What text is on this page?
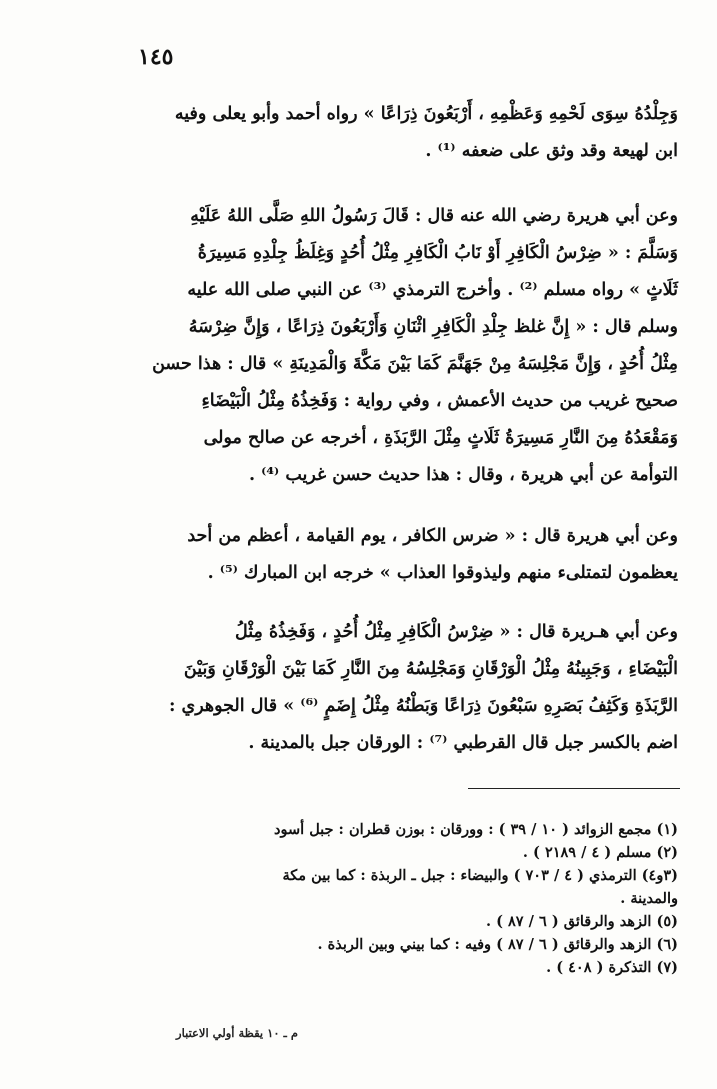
١٤٥
وَجِلْدُهُ سِوَى لَحْمِهِ وَعَظْمِهِ ، أَرْبَعُونَ ذِرَاعًا » رواه أحمد وأبو يعلى وفيه
ابن لهيعة وقد وثق على ضعفه ⁽¹⁾ .
وعن أبي هريرة رضي الله عنه قال : قَالَ رَسُولُ اللهِ صَلَّى اللهُ عَلَيْهِ
وَسَلَّمَ : « ضِرْسُ الْكَافِرِ أَوْ نَابُ الْكَافِرِ مِثْلُ أُحُدٍ وَغِلَظُ جِلْدِهِ مَسِيرَةُ
ثَلَاثٍ » رواه مسلم ⁽²⁾ . وأخرج الترمذي ⁽³⁾ عن النبي صلى الله عليه
وسلم قال : « إِنَّ غلظ جِلْدِ الْكَافِرِ اثْنَانِ وَأَرْبَعُونَ ذِرَاعًا ، وَإِنَّ ضِرْسَهُ
مِثْلُ أُحُدٍ ، وَإِنَّ مَجْلِسَهُ مِنْ جَهَنَّمَ كَمَا بَيْنَ مَكَّةَ وَالْمَدِينَةِ » قال : هذا حسن
صحيح غريب من حديث الأعمش ، وفي رواية : وَفَخِذُهُ مِثْلُ الْبَيْضَاءِ
وَمَقْعَدُهُ مِنَ النَّارِ مَسِيرَةُ ثَلَاثٍ مِثْلَ الرَّبَذَةِ ، أخرجه عن صالح مولى
التوأمة عن أبي هريرة ، وقال : هذا حديث حسن غريب ⁽⁴⁾ .
وعن أبي هريرة قال : « ضرس الكافر ، يوم القيامة ، أعظم من أحد
يعظمون لتمتلىء منهم وليذوقوا العذاب » خرجه ابن المبارك ⁽⁵⁾ .
وعن أبي هـريرة قال : « ضِرْسُ الْكَافِرِ مِثْلُ أُحُدٍ ، وَفَخِذُهُ مِثْلُ
الْبَيْضَاءِ ، وَجَبِينُهُ مِثْلُ الْوَرْقَانِ وَمَجْلِسُهُ مِنَ النَّارِ كَمَا بَيْنَ الْوَرْقَانِ وَبَيْنَ
الرَّبَذَةِ وَكَثِفُ بَصَرِهِ سَبْعُونَ ذِرَاعًا وَبَطْنُهُ مِثْلُ إِضَمٍ ⁽⁶⁾ » قال الجوهري :
اضم بالكسر جبل قال القرطبي ⁽⁷⁾ : الورقان جبل بالمدينة .
(١) مجمع الزوائد ( ١٠ / ٣٩ ) : وورقان : بوزن قطران : جبل أسود
(٢) مسلم ( ٤ / ٢١٨٩ ) .
(٣و٤) الترمذي ( ٤ / ٧٠٣ ) والبيضاء : جبل ـ الربذة : كما بين مكة
والمدينة .
(٥) الزهد والرقائق ( ٦ / ٨٧ ) .
(٦) الزهد والرقائق ( ٦ / ٨٧ ) وفيه : كما بيني وبين الربذة .
(٧) التذكرة ( ٤٠٨ ) .
م ـ ١٠ يقظة أولي الاعتبار
